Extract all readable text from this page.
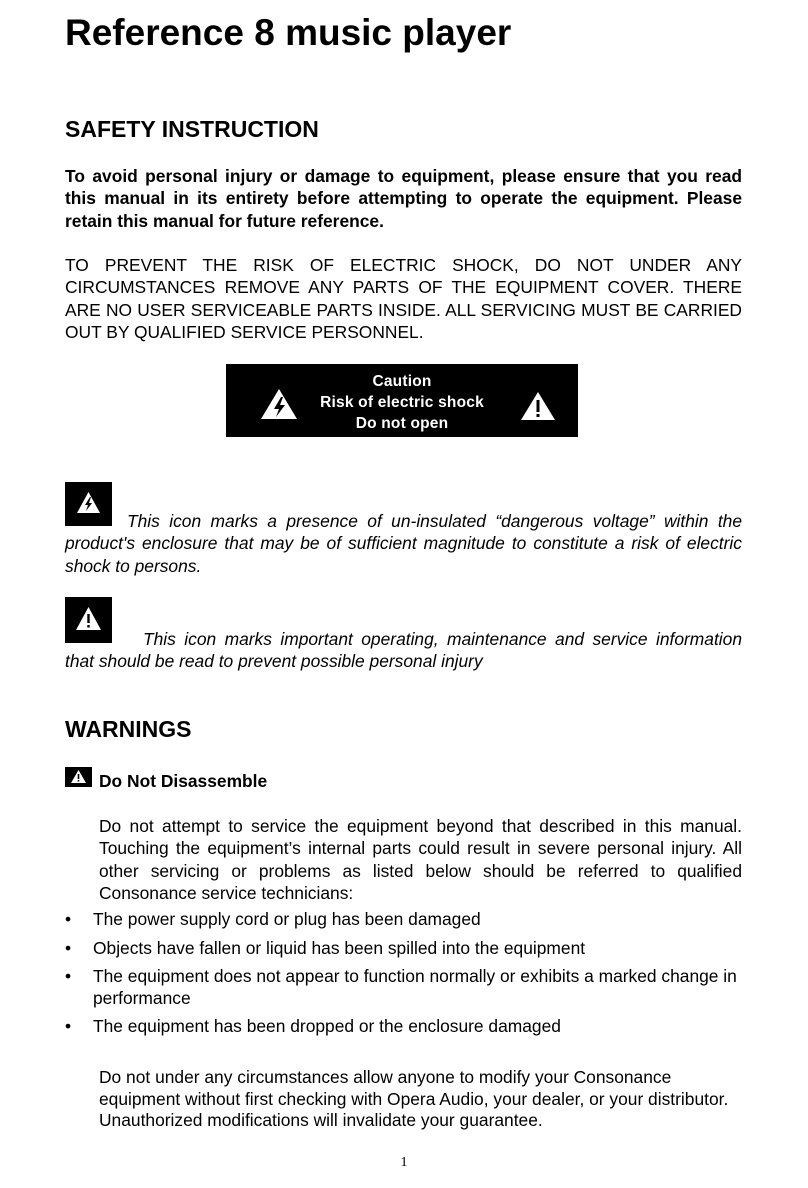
Reference 8 music player
SAFETY INSTRUCTION
To avoid personal injury or damage to equipment, please ensure that you read this manual in its entirety before attempting to operate the equipment. Please retain this manual for future reference.
TO PREVENT THE RISK OF ELECTRIC SHOCK, DO NOT UNDER ANY CIRCUMSTANCES REMOVE ANY PARTS OF THE EQUIPMENT COVER. THERE ARE NO USER SERVICEABLE PARTS INSIDE. ALL SERVICING MUST BE CARRIED OUT BY QUALIFIED SERVICE PERSONNEL.
Caution
Risk of electric shock
Do not open
This icon marks a presence of un-insulated “dangerous voltage” within the product's enclosure that may be of sufficient magnitude to constitute a risk of electric shock to persons.
This icon marks important operating, maintenance and service information that should be read to prevent possible personal injury
WARNINGS
Do Not Disassemble
Do not attempt to service the equipment beyond that described in this manual. Touching the equipment’s internal parts could result in severe personal injury. All other servicing or problems as listed below should be referred to qualified Consonance service technicians:
• The power supply cord or plug has been damaged
• Objects have fallen or liquid has been spilled into the equipment
• The equipment does not appear to function normally or exhibits a marked change in performance
• The equipment has been dropped or the enclosure damaged
Do not under any circumstances allow anyone to modify your Consonance equipment without first checking with Opera Audio, your dealer, or your distributor. Unauthorized modifications will invalidate your guarantee.
1
